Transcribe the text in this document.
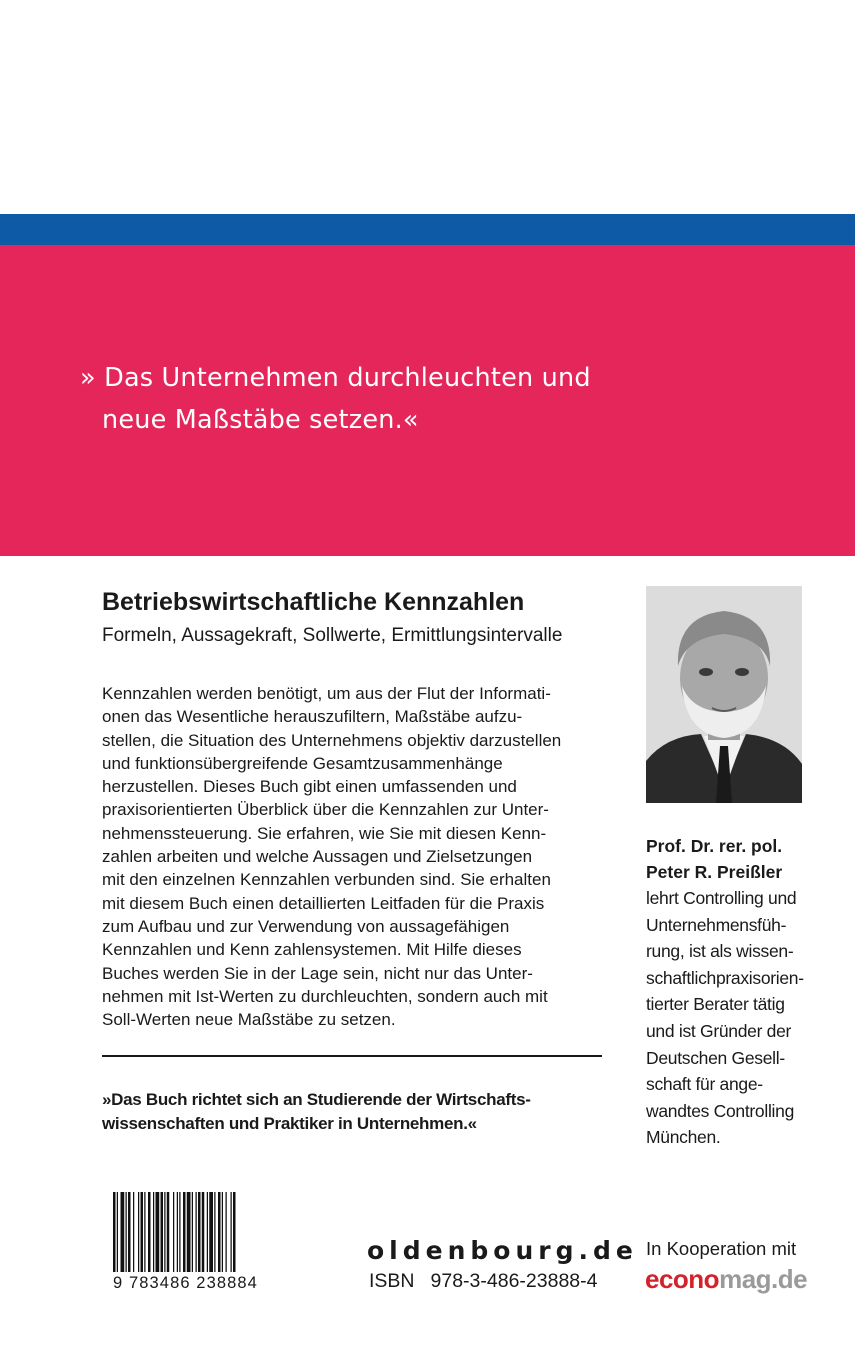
» Das Unternehmen durchleuchten und
neue Maßstäbe setzen.«
Betriebswirtschaftliche Kennzahlen
Formeln, Aussagekraft, Sollwerte, Ermittlungsintervalle
Kennzahlen werden benötigt, um aus der Flut der Informati-
onen das Wesentliche herauszufiltern, Maßstäbe aufzu-
stellen, die Situation des Unternehmens objektiv darzustellen
und funktionsübergreifende Gesamtzusammenhänge
herzustellen. Dieses Buch gibt einen umfassenden und
praxisorientierten Überblick über die Kennzahlen zur Unter-
nehmenssteuerung. Sie erfahren, wie Sie mit diesen Kenn-
zahlen arbeiten und welche Aussagen und Zielsetzungen
mit den einzelnen Kennzahlen verbunden sind. Sie erhalten
mit diesem Buch einen detaillierten Leitfaden für die Praxis
zum Aufbau und zur Verwendung von aussagefähigen
Kennzahlen und Kenn zahlensystemen. Mit Hilfe dieses
Buches werden Sie in der Lage sein, nicht nur das Unter-
nehmen mit Ist-Werten zu durchleuchten, sondern auch mit
Soll-Werten neue Maßstäbe zu setzen.
»Das Buch richtet sich an Studierende der Wirtschafts-
wissenschaften und Praktiker in Unternehmen.«
Prof. Dr. rer. pol.
Peter R. Preißler
lehrt Controlling und
Unternehmensfüh-
rung, ist als wissen-
schaftlichpraxisorien-
tierter Berater tätig
und ist Gründer der
Deutschen Gesell-
schaft für ange-
wandtes Controlling
München.
9 783486 238884
oldenbourg.de
ISBN 978-3-486-23888-4
In Kooperation mit
economag.de
